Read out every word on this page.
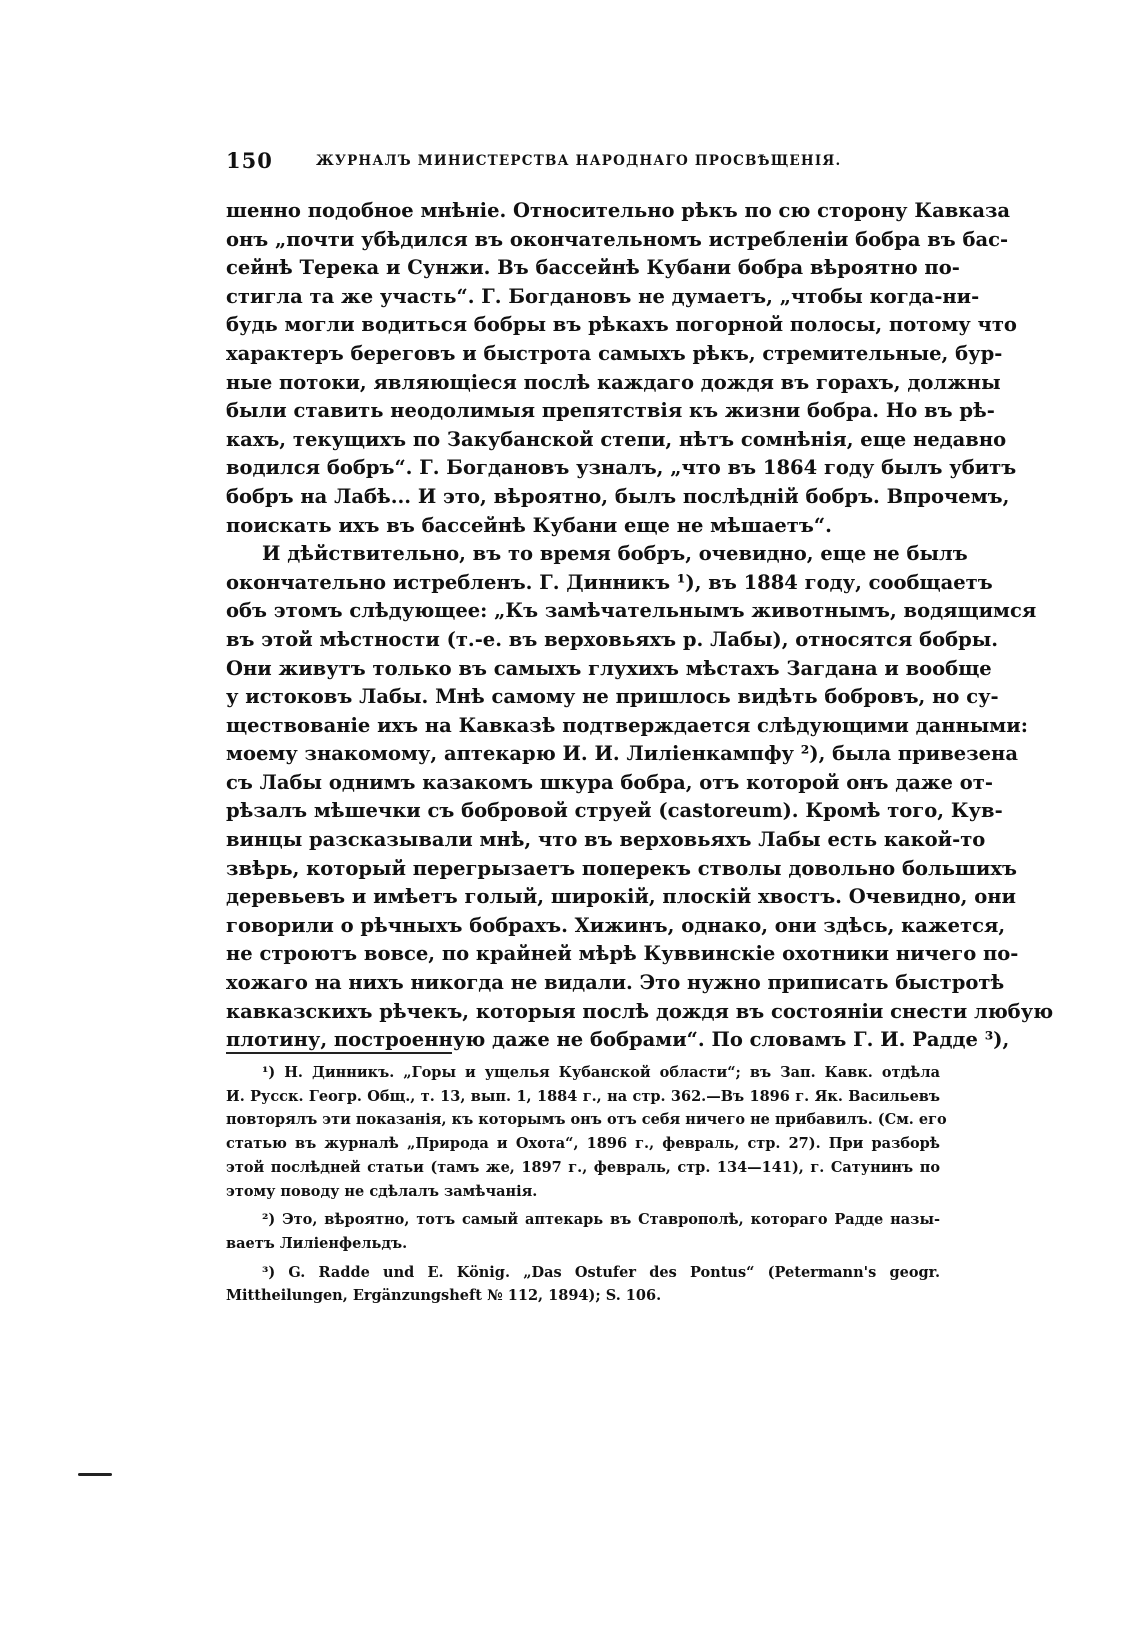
150	ЖУРНАЛЪ МИНИСТЕРСТВА НАРОДНАГО ПРОСВѢЩЕНІЯ.
шенно подобное мнѣніе. Относительно рѣкъ по сю сторону Кавказа
онъ „почти убѣдился въ окончательномъ истребленіи бобра въ бас-
сейнѣ Терека и Сунжи. Въ бассейнѣ Кубани бобра вѣроятно по-
стигла та же участь“. Г. Богдановъ не думаетъ, „чтобы когда-ни-
будь могли водиться бобры въ рѣкахъ погорной полосы, потому что
характеръ береговъ и быстрота самыхъ рѣкъ, стремительные, бур-
ные потоки, являющіеся послѣ каждаго дождя въ горахъ, должны
были ставить неодолимыя препятствія къ жизни бобра. Но въ рѣ-
кахъ, текущихъ по Закубанской степи, нѣтъ сомнѣнія, еще недавно
водился бобръ“. Г. Богдановъ узналъ, „что въ 1864 году былъ убитъ
бобръ на Лабѣ... И это, вѣроятно, былъ послѣдній бобръ. Впрочемъ,
поискать ихъ въ бассейнѣ Кубани еще не мѣшаетъ“.
И дѣйствительно, въ то время бобръ, очевидно, еще не былъ
окончательно истребленъ. Г. Динникъ ¹), въ 1884 году, сообщаетъ
объ этомъ слѣдующее: „Къ замѣчательнымъ животнымъ, водящимся
въ этой мѣстности (т.-е. въ верховьяхъ р. Лабы), относятся бобры.
Они живутъ только въ самыхъ глухихъ мѣстахъ Загдана и вообще
у истоковъ Лабы. Мнѣ самому не пришлось видѣть бобровъ, но су-
ществованіе ихъ на Кавказѣ подтверждается слѣдующими данными:
моему знакомому, аптекарю И. И. Лиліенкампфу ²), была привезена
съ Лабы однимъ казакомъ шкура бобра, отъ которой онъ даже от-
рѣзалъ мѣшечки съ бобровой струей (castoreum). Кромѣ того, Кув-
винцы разсказывали мнѣ, что въ верховьяхъ Лабы есть какой-то
звѣрь, который перегрызаетъ поперекъ стволы довольно большихъ
деревьевъ и имѣетъ голый, широкій, плоскій хвостъ. Очевидно, они
говорили о рѣчныхъ бобрахъ. Хижинъ, однако, они здѣсь, кажется,
не строютъ вовсе, по крайней мѣрѣ Куввинскіе охотники ничего по-
хожаго на нихъ никогда не видали. Это нужно приписать быстротѣ
кавказскихъ рѣчекъ, которыя послѣ дождя въ состояніи снести любую
плотину, построенную даже не бобрами“. По словамъ Г. И. Радде ³),
¹) Н. Динникъ. „Горы и ущелья Кубанской области“; въ Зап. Кавк. отдѣла
И. Русск. Геогр. Общ., т. 13, вып. 1, 1884 г., на стр. 362.—Въ 1896 г. Як. Васильевъ
повторялъ эти показанія, къ которымъ онъ отъ себя ничего не прибавилъ. (См. его
статью въ журналѣ „Природа и Охота“, 1896 г., февраль, стр. 27). При разборѣ
этой послѣдней статьи (тамъ же, 1897 г., февраль, стр. 134—141), г. Сатунинъ по
этому поводу не сдѣлалъ замѣчанія.
²) Это, вѣроятно, тотъ самый аптекарь въ Ставрополѣ, котораго Радде назы-
ваетъ Лиліенфельдъ.
³) G. Radde und E. König. „Das Ostufer des Pontus“ (Petermann's geogr.
Mittheilungen, Ergänzungsheft № 112, 1894); S. 106.
